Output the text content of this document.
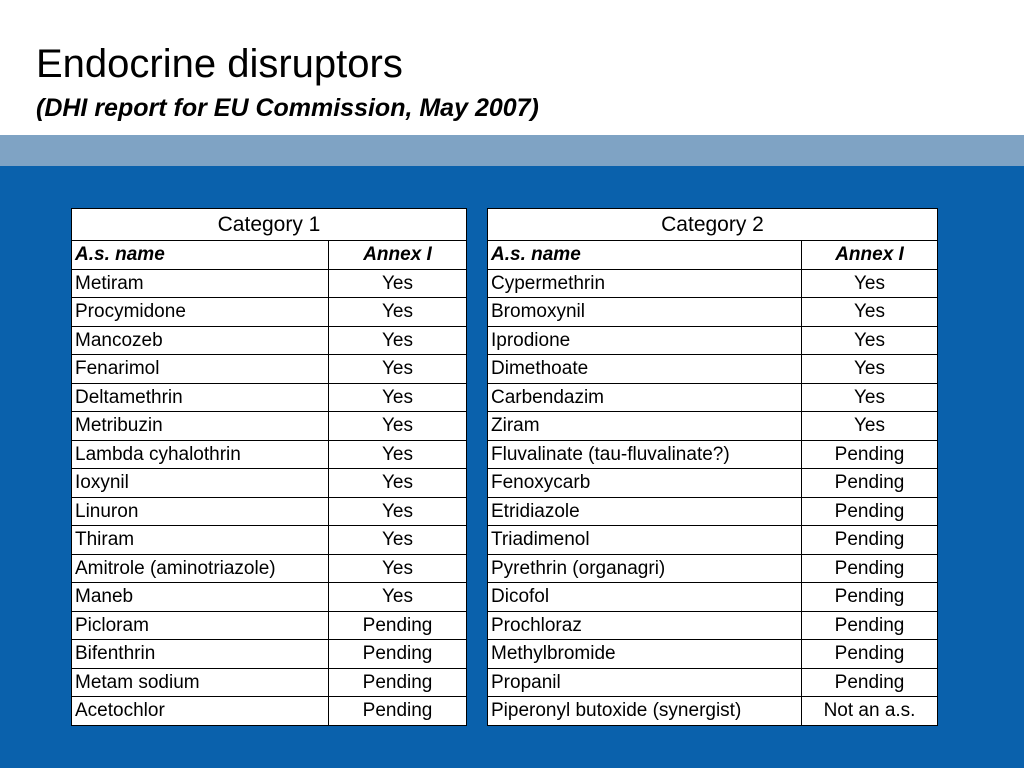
Endocrine disruptors
(DHI report for EU Commission, May 2007)
Category 1	
A.s. name	Annex I
Metiram	Yes
Procymidone	Yes
Mancozeb	Yes
Fenarimol	Yes
Deltamethrin	Yes
Metribuzin	Yes
Lambda cyhalothrin	Yes
Ioxynil	Yes
Linuron	Yes
Thiram	Yes
Amitrole (aminotriazole)	Yes
Maneb	Yes
Picloram	Pending
Bifenthrin	Pending
Metam sodium	Pending
Acetochlor	Pending
Category 2	
A.s. name	Annex I
Cypermethrin	Yes
Bromoxynil	Yes
Iprodione	Yes
Dimethoate	Yes
Carbendazim	Yes
Ziram	Yes
Fluvalinate (tau-fluvalinate?)	Pending
Fenoxycarb	Pending
Etridiazole	Pending
Triadimenol	Pending
Pyrethrin (organagri)	Pending
Dicofol	Pending
Prochloraz	Pending
Methylbromide	Pending
Propanil	Pending
Piperonyl butoxide (synergist)	Not an a.s.
